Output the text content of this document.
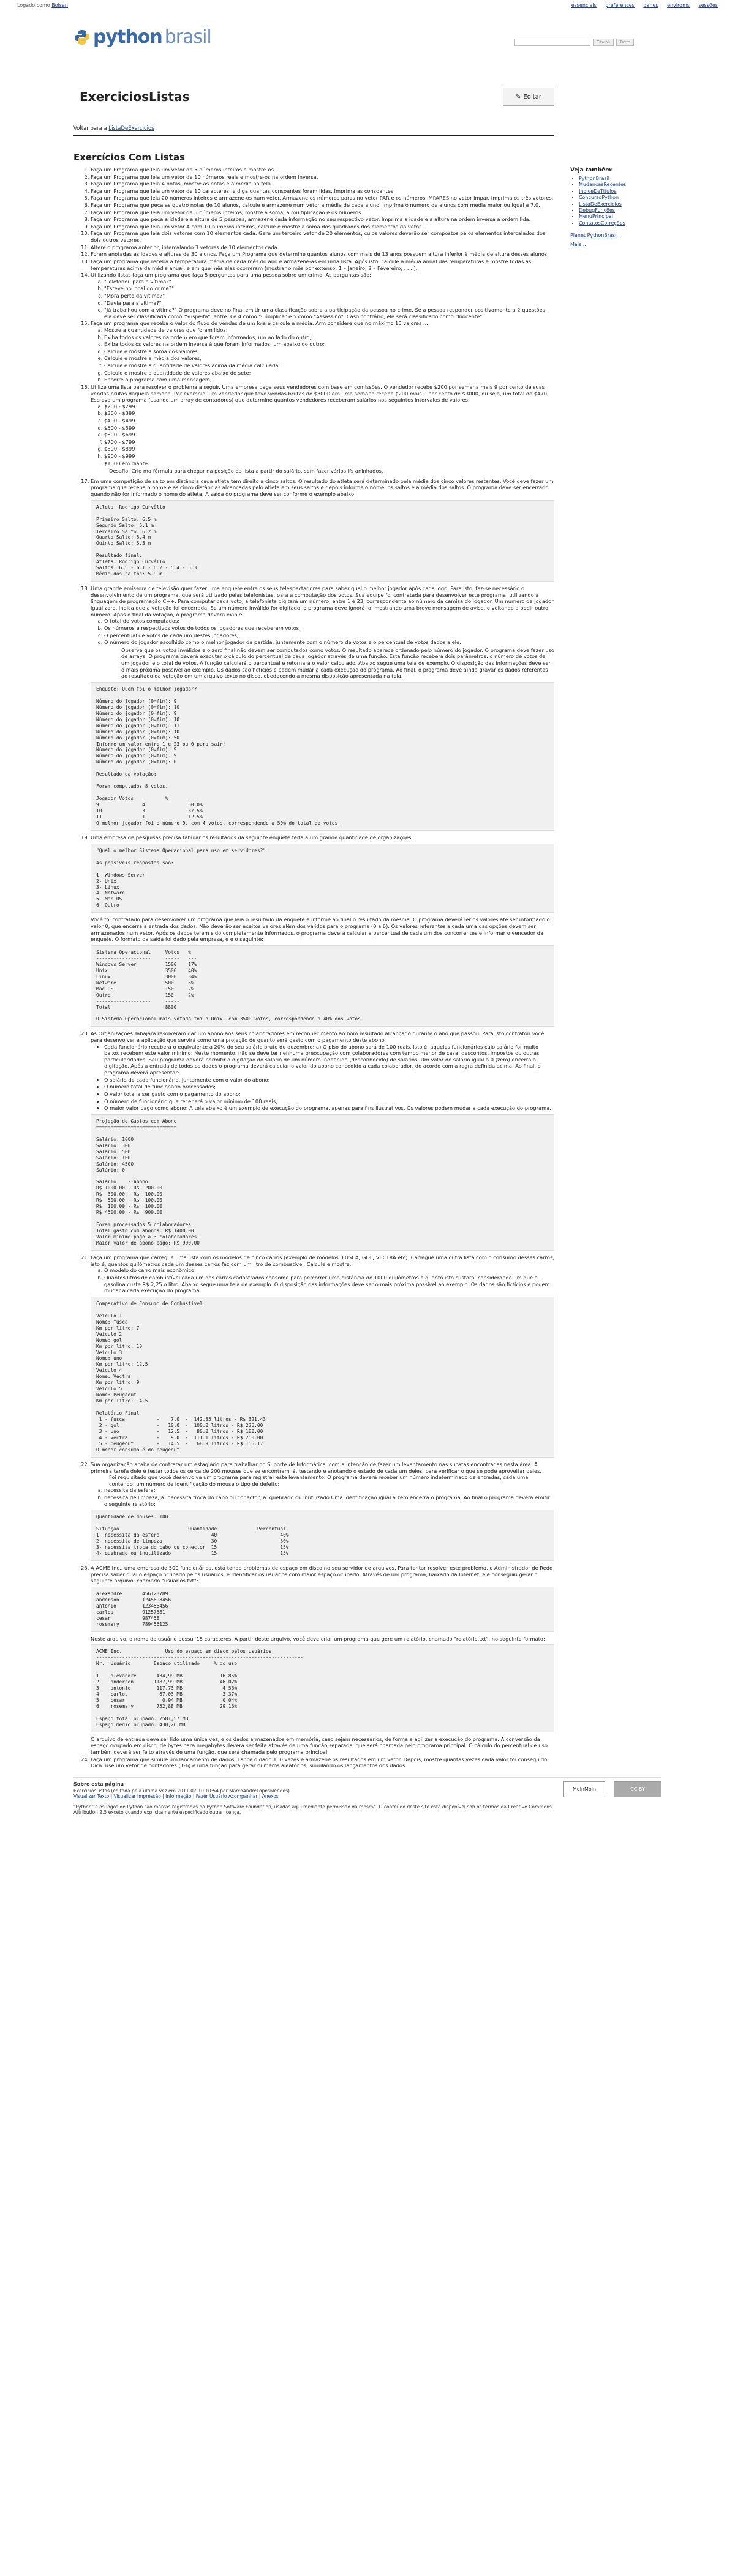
Logado como Bolsan	essencials preferences danes enviroms sessões
python brasil	Títulos	Texto
ExerciciosListas	✎ Editar
Voltar para a ListaDeExercicios
Exercícios Com Listas
1. Faça um Programa que leia um vetor de 5 números inteiros e mostre-os.
2. Faça um Programa que leia um vetor de 10 números reais e mostre-os na ordem inversa.
3. Faça um Programa que leia 4 notas, mostre as notas e a média na tela.
4. Faça um Programa que leia um vetor de 10 caracteres, e diga quantas consoantes foram lidas. Imprima as consoantes.
5. Faça um Programa que leia 20 números inteiros e armazene-os num vetor. Armazene os números pares no vetor PAR e os números IMPARES no vetor impar. Imprima os três vetores.
6. Faça um Programa que peça as quatro notas de 10 alunos, calcule e armazene num vetor a média de cada aluno, imprima o número de alunos com média maior ou igual a 7.0.
7. Faça um Programa que leia um vetor de 5 números inteiros, mostre a soma, a multiplicação e os números.
8. Faça um Programa que peça a idade e a altura de 5 pessoas, armazene cada informação no seu respectivo vetor. Imprima a idade e a altura na ordem inversa a ordem lida.
9. Faça um Programa que leia um vetor A com 10 números inteiros, calcule e mostre a soma dos quadrados dos elementos do vetor.
10. Faça um Programa que leia dois vetores com 10 elementos cada. Gere um terceiro vetor de 20 elementos, cujos valores deverão ser compostos pelos elementos intercalados dos dois outros vetores.
11. Altere o programa anterior, intercalando 3 vetores de 10 elementos cada.
12. Foram anotadas as idades e alturas de 30 alunos. Faça um Programa que determine quantos alunos com mais de 13 anos possuem altura inferior à média de altura desses alunos.
13. Faça um programa que receba a temperatura média de cada mês do ano e armazene-as em uma lista. Após isto, calcule a média anual das temperaturas e mostre todas as temperaturas acima da média anual, e em que mês elas ocorreram (mostrar o mês por extenso: 1 – Janeiro, 2 – Fevereiro, . . . ).
14. Utilizando listas faça um programa que faça 5 perguntas para uma pessoa sobre um crime. As perguntas são:
a. "Telefonou para a vítima?"
b. "Esteve no local do crime?"
c. "Mora perto da vítima?"
d. "Devia para a vítima?"
e. "Já trabalhou com a vítima?" O programa deve no final emitir uma classificação sobre a participação da pessoa no crime. Se a pessoa responder positivamente a 2 questões ela deve ser classificada como "Suspeita", entre 3 e 4 como "Cúmplice" e 5 como "Assassino". Caso contrário, ele será classificado como "Inocente".
15. Faça um programa que receba o valor do fluxo de vendas de um loja e calcule a média. Arm considere que no máximo 10 valores ...
a. Mostre a quantidade de valores que foram lidos;
b. Exiba todos os valores na ordem em que foram informados, um ao lado do outro;
c. Exiba todos os valores na ordem inversa à que foram informados, um abaixo do outro;
d. Calcule e mostre a soma dos valores;
e. Calcule e mostre a média dos valores;
f. Calcule e mostre a quantidade de valores acima da média calculada;
g. Calcule e mostre a quantidade de valores abaixo de sete;
h. Encerre o programa com uma mensagem;
16. Utilize uma lista para resolver o problema a seguir. Uma empresa paga seus vendedores com base em comissões. O vendedor recebe $200 por semana mais 9 por cento de suas vendas brutas daquela semana. Por exemplo, um vendedor que teve vendas brutas de $3000 em uma semana recebe $200 mais 9 por cento de $3000, ou seja, um total de $470. Escreva um programa (usando um array de contadores) que determine quantos vendedores receberam salários nos seguintes intervalos de valores:
a. $200 - $299
b. $300 - $399
c. $400 - $499
d. $500 - $599
e. $600 - $699
f. $700 - $799
g. $800 - $899
h. $900 - $999
i. $1000 em diante
Desafio: Crie ma fórmula para chegar na posição da lista a partir do salário, sem fazer vários ifs aninhados.
17. Em uma competição de salto em distância cada atleta tem direito a cinco saltos. O resultado do atleta será determinado pela média dos cinco valores restantes. Você deve fazer um programa que receba o nome e as cinco distâncias alcançadas pelo atleta em seus saltos e depois informe o nome, os saltos e a média dos saltos. O programa deve ser encerrado quando não for informado o nome do atleta. A saída do programa deve ser conforme o exemplo abaixo:
Atleta: Rodrigo Curvêllo

Primeiro Salto: 6.5 m
Segundo Salto: 6.1 m
Terceiro Salto: 6.2 m
Quarto Salto: 5.4 m
Quinto Salto: 5.3 m

Resultado final:
Atleta: Rodrigo Curvêllo
Saltos: 6.5 - 6.1 - 6.2 - 5.4 - 5.3
Média dos saltos: 5.9 m
18. Uma grande emissora de televisão quer fazer uma enquete entre os seus telespectadores para saber qual o melhor jogador após cada jogo. Para isto, faz-se necessário o desenvolvimento de um programa, que será utilizado pelas telefonistas, para a computação dos votos. Sua equipe foi contratada para desenvolver este programa, utilizando a linguagem de programação C++. Para computar cada voto, a telefonista digitará um número, entre 1 e 23, correspondente ao número da camisa do jogador. Um número de jogador igual zero, indica que a votação foi encerrada. Se um número inválido for digitado, o programa deve ignorá-lo, mostrando uma breve mensagem de aviso, e voltando a pedir outro número. Após o final da votação, o programa deverá exibir:
a. O total de votos computados;
b. Os números e respectivos votos de todos os jogadores que receberam votos;
c. O percentual de votos de cada um destes jogadores;
d. O número do jogador escolhido como o melhor jogador da partida, juntamente com o número de votos e o percentual de votos dados a ele.
Observe que os votos inválidos e o zero final não devem ser computados como votos. O resultado aparece ordenado pelo número do jogador. O programa deve fazer uso de arrays. O programa deverá executar o cálculo do percentual de cada jogador através de uma função. Esta função receberá dois parâmetros: o número de votos de um jogador e o total de votos. A função calculará o percentual e retornará o valor calculado. Abaixo segue uma tela de exemplo. O disposição das informações deve ser o mais próxima possível ao exemplo. Os dados são fictícios e podem mudar a cada execução do programa. Ao final, o programa deve ainda gravar os dados referentes ao resultado da votação em um arquivo texto no disco, obedecendo a mesma disposição apresentada na tela.
Enquete: Quem foi o melhor jogador?

Número do jogador (0=fim): 9
Número do jogador (0=fim): 10
Número do jogador (0=fim): 9
Número do jogador (0=fim): 10
Número do jogador (0=fim): 11
Número do jogador (0=fim): 10
Número do jogador (0=fim): 50
Informe um valor entre 1 e 23 ou 0 para sair!
Número do jogador (0=fim): 9
Número do jogador (0=fim): 9
Número do jogador (0=fim): 0

Resultado da votação:

Foram computados 8 votos.

Jogador Votos           %
9               4               50,0%
10              3               37,5%
11              1               12,5%
O melhor jogador foi o número 9, com 4 votos, correspondendo a 50% do total de votos.
19. Uma empresa de pesquisas precisa tabular os resultados da seguinte enquete feita a um grande quantidade de organizações:
"Qual o melhor Sistema Operacional para uso em servidores?"

As possíveis respostas são:

1- Windows Server
2- Unix
3- Linux
4- Netware
5- Mac OS
6- Outro
Você foi contratado para desenvolver um programa que leia o resultado da enquete e informe ao final o resultado da mesma. O programa deverá ler os valores até ser informado o valor 0, que encerra a entrada dos dados. Não deverão ser aceitos valores além dos válidos para o programa (0 a 6). Os valores referentes a cada uma das opções devem ser armazenados num vetor. Após os dados terem sido completamente informados, o programa deverá calcular a percentual de cada um dos concorrentes e informar o vencedor da enquete. O formato da saída foi dado pela empresa, e é o seguinte:
Sistema Operacional     Votos   %
-------------------     -----   ---
Windows Server          1500    17%
Unix                    3500    40%
Linux                   3000    34%
Netware                 500     5%
Mac OS                  150     2%
Outro                   150     2%
-------------------     -----
Total                   8800

O Sistema Operacional mais votado foi o Unix, com 3500 votos, correspondendo a 40% dos votos.
20. As Organizações Tabajara resolveram dar um abono aos seus colaboradores em reconhecimento ao bom resultado alcançado durante o ano que passou. Para isto contratou você para desenvolver a aplicação que servirá como uma projeção de quanto será gasto com o pagamento deste abono.
• Cada funcionário receberá o equivalente a 20% do seu salário bruto de dezembro; a) O piso do abono será de 100 reais, isto é, aqueles funcionários cujo salário for muito baixo, recebem este valor mínimo; Neste momento, não se deve ter nenhuma preocupação com colaboradores com tempo menor de casa, descontos, impostos ou outras particularidades. Seu programa deverá permitir a digitação do salário de um número indefinido (desconhecido) de salários. Um valor de salário igual a 0 (zero) encerra a digitação. Após a entrada de todos os dados o programa deverá calcular o valor do abono concedido a cada colaborador, de acordo com a regra definida acima. Ao final, o programa deverá apresentar:
• O salário de cada funcionário, juntamente com o valor do abono;
• O número total de funcionário processados;
• O valor total a ser gasto com o pagamento do abono;
• O número de funcionário que receberá o valor mínimo de 100 reais;
• O maior valor pago como abono; A tela abaixo é um exemplo de execução do programa, apenas para fins ilustrativos. Os valores podem mudar a cada execução do programa.
Projeção de Gastos com Abono
============================

Salário: 1000
Salário: 300
Salário: 500
Salário: 100
Salário: 4500
Salário: 0

Salário    - Abono
R$ 1000.00 - R$  200.00
R$  300.00 - R$  100.00
R$  500.00 - R$  100.00
R$  100.00 - R$  100.00
R$ 4500.00 - R$  900.00

Foram processados 5 colaboradores
Total gasto com abonos: R$ 1400.00
Valor mínimo pago a 3 colaboradores
Maior valor de abono pago: R$ 900.00
21. Faça um programa que carregue uma lista com os modelos de cinco carros (exemplo de modelos: FUSCA, GOL, VECTRA etc). Carregue uma outra lista com o consumo desses carros, isto é, quantos quilômetros cada um desses carros faz com um litro de combustível. Calcule e mostre:
a. O modelo do carro mais econômico;
b. Quantos litros de combustível cada um dos carros cadastrados consome para percorrer uma distância de 1000 quilômetros e quanto isto custará, considerando um que a gasolina custe R$ 2,25 o litro. Abaixo segue uma tela de exemplo. O disposição das informações deve ser o mais próxima possível ao exemplo. Os dados são fictícios e podem mudar a cada execução do programa.
Comparativo de Consumo de Combustível

Veículo 1
Nome: fusca
Km por litro: 7
Veículo 2
Nome: gol
Km por litro: 10
Veículo 3
Nome: uno
Km por litro: 12.5
Veículo 4
Nome: Vectra
Km por litro: 9
Veículo 5
Nome: Peugeout
Km por litro: 14.5

Relatório Final
1 - fusca           -    7.0  -  142.85 litros - R$ 321.43
2 - gol             -   10.0  -  100.0 litros - R$ 225.00
3 - uno             -   12.5  -   80.0 litros - R$ 180.00
4 - vectra          -    9.0  -  111.1 litros - R$ 250.00
5 - peugeout        -   14.5  -   68.9 litros - R$ 155.17
O menor consumo é do peugeout.
22. Sua organização acaba de contratar um estagiário para trabalhar no Suporte de Informática, com a intenção de fazer um levantamento nas sucatas encontradas nesta área. A primeira tarefa dele é testar todos os cerca de 200 mouses que se encontram lá, testando e anotando o estado de cada um deles, para verificar o que se pode aproveitar deles.
Foi requisitado que você desenvolva um programa para registrar este levantamento. O programa deverá receber um número indeterminado de entradas, cada uma contendo: um número de identificação do mouse o tipo de defeito:
a. necessita da esfera;
b. necessita de limpeza; a. necessita troca do cabo ou conector; a. quebrado ou inutilizado Uma identificação igual a zero encerra o programa. Ao final o programa deverá emitir o seguinte relatório:
Quantidade de mouses: 100

Situação                        Quantidade              Percentual
1- necessita da esfera                  40                      40%
2- necessita de limpeza                 30                      30%
3- necessita troca do cabo ou conector  15                      15%
4- quebrado ou inutilizado              15                      15%
23. A ACME Inc., uma empresa de 500 funcionários, está tendo problemas de espaço em disco no seu servidor de arquivos. Para tentar resolver este problema, o Administrador de Rede precisa saber qual o espaço ocupado pelos usuários, e identificar os usuários com maior espaço ocupado. Através de um programa, baixado da Internet, ele conseguiu gerar o seguinte arquivo, chamado "usuarios.txt":
alexandre       456123789
anderson        1245698456
antonio         123456456
carlos          91257581
cesar           987458
rosemary        789456125
Neste arquivo, o nome do usuário possui 15 caracteres. A partir deste arquivo, você deve criar um programa que gere um relatório, chamado "relatório.txt", no seguinte formato:
ACME Inc.               Uso do espaço em disco pelos usuários
------------------------------------------------------------------------
Nr.  Usuário        Espaço utilizado     % do uso

1    alexandre       434,99 MB             16,85%
2    anderson       1187,99 MB             46,02%
3    antonio         117,73 MB              4,56%
4    carlos           87,03 MB              3,37%
5    cesar             0,94 MB              0,04%
6    rosemary        752,88 MB             29,16%

Espaço total ocupado: 2581,57 MB
Espaço médio ocupado: 430,26 MB
O arquivo de entrada deve ser lido uma única vez, e os dados armazenados em memória, caso sejam necessários, de forma a agilizar a execução do programa. A conversão da espaço ocupado em disco, de bytes para megabytes deverá ser feita através de uma função separada, que será chamada pelo programa principal. O cálculo do percentual de uso também deverá ser feito através de uma função, que será chamada pelo programa principal.
24. Faça um programa que simule um lançamento de dados. Lance o dado 100 vezes e armazene os resultados em um vetor. Depois, mostre quantas vezes cada valor foi conseguido. Dica: use um vetor de contadores (1-6) e uma função para gerar numeros aleatórios, simulando os lançamentos dos dados.
Veja também:
• PythonBrasil
• MudancasRecentes
• IndiceDeTitulos
• ConcursoPython
• ListaDeExercicios
• DebugFunções
• MenuPrincipal
• ContatosCorreções
Planet PythonBrasil
Mais...
Sobre esta página
ExerciciosListas (editada pela última vez em 2011-07-10 10:54 por MarcoAndreLopesMendes)
Visualizar Texto | Visualizar Impressão | Informação | Fazer Usuário Acompanhar | Anexos
"Python" e os logos de Python são marcas registradas da Python Software Foundation, usadas aqui mediante permissão da mesma. O conteúdo deste site está disponível sob os termos da Creative Commons Attribution 2.5 exceto quando explicitamente especificado outra licença.
MoinMoin	CC BY
